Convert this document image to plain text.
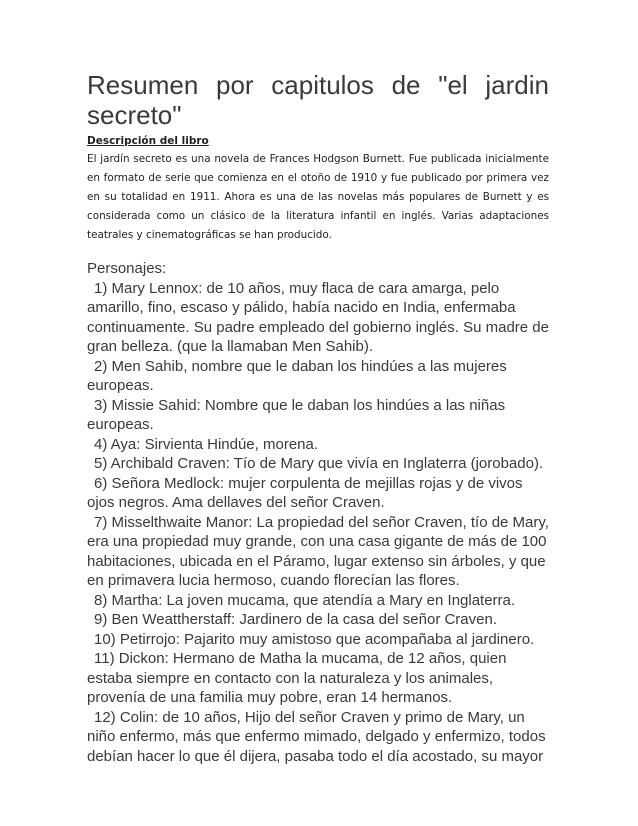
Resumen por capitulos de "el jardin secreto"
Descripción del libro

El jardín secreto es una novela de Frances Hodgson Burnett. Fue publicada inicialmente en formato de serie que comienza en el otoño de 1910 y fue publicado por primera vez en su totalidad en 1911. Ahora es una de las novelas más populares de Burnett y es considerada como un clásico de la literatura infantil en inglés. Varias adaptaciones teatrales y cinematográficas se han producido.

Personajes:

1) Mary Lennox: de 10 años, muy flaca de cara amarga, pelo amarillo, fino, escaso y pálido, había nacido en India, enfermaba continuamente. Su padre empleado del gobierno inglés. Su madre de gran belleza. (que la llamaban Men Sahib).

2) Men Sahib, nombre que le daban los hindúes a las mujeres europeas.

3) Missie Sahid: Nombre que le daban los hindúes a las niñas europeas.

4) Aya: Sirvienta Hindúe, morena.

5) Archibald Craven: Tío de Mary que vivía en Inglaterra (jorobado).

6) Señora Medlock: mujer corpulenta de mejillas rojas y de vivos ojos negros. Ama dellaves del señor Craven.

7) Misselthwaite Manor: La propiedad del señor Craven, tío de Mary, era una propiedad muy grande, con una casa gigante de más de 100 habitaciones, ubicada en el Páramo, lugar extenso sin árboles, y que en primavera lucia hermoso, cuando florecían las flores.

8) Martha: La joven mucama, que atendía a Mary en Inglaterra.

9) Ben Weattherstaff: Jardinero de la casa del señor Craven.

10) Petirrojo: Pajarito muy amistoso que acompañaba al jardinero.

11) Dickon: Hermano de Matha la mucama, de 12 años, quien estaba siempre en contacto con la naturaleza y los animales, provenía de una familia muy pobre, eran 14 hermanos.

12) Colin: de 10 años, Hijo del señor Craven y primo de Mary, un niño enfermo, más que enfermo mimado, delgado y enfermizo, todos debían hacer lo que él dijera, pasaba todo el día acostado, su mayor
